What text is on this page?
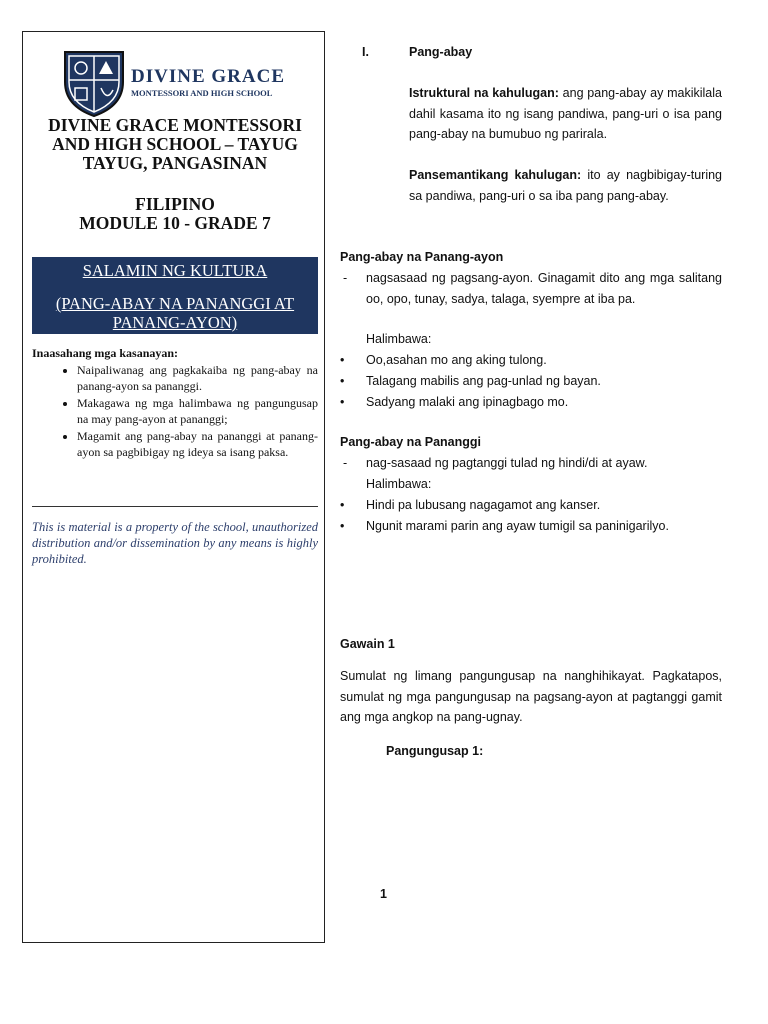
DIVINE GRACE
MONTESSORI AND HIGH SCHOOL
DIVINE GRACE MONTESSORI
AND HIGH SCHOOL – TAYUG
TAYUG, PANGASINAN
FILIPINO
MODULE 10 - GRADE 7
SALAMIN NG KULTURA
(PANG-ABAY NA PANANGGI AT PANANG-AYON)
Inaasahang mga kasanayan:
• Naipaliwanag ang pagkakaiba ng pang-abay na panang-ayon sa pananggi.
• Makagawa ng mga halimbawa ng pangungusap na may pang-ayon at pananggi;
• Magamit ang pang-abay na pananggi at panang-ayon sa pagbibigay ng ideya sa isang paksa.
This is material is a property of the school, unauthorized distribution and/or dissemination by any means is highly prohibited.
I.	Pang-abay
Istruktural na kahulugan: ang pang-abay ay makikilala dahil kasama ito ng isang pandiwa, pang-uri o isa pang pang-abay na bumubuo ng parirala.
Pansemantikang kahulugan: ito ay nagbibigay-turing sa pandiwa, pang-uri o sa iba pang pang-abay.
Pang-abay na Panang-ayon
- nagsasaad ng pagsang-ayon. Ginagamit dito ang mga salitang oo, opo, tunay, sadya, talaga, syempre at iba pa.
Halimbawa:
• Oo,asahan mo ang aking tulong.
• Talagang mabilis ang pag-unlad ng bayan.
• Sadyang malaki ang ipinagbago mo.
Pang-abay na Pananggi
- nag-sasaad ng pagtanggi tulad ng hindi/di at ayaw.
Halimbawa:
• Hindi pa lubusang nagagamot ang kanser.
• Ngunit marami parin ang ayaw tumigil sa paninigarilyo.
Gawain 1
Sumulat ng limang pangungusap na nanghihikayat. Pagkatapos, sumulat ng mga pangungusap na pagsang-ayon at pagtanggi gamit ang mga angkop na pang-ugnay.
Pangungusap 1:
1
